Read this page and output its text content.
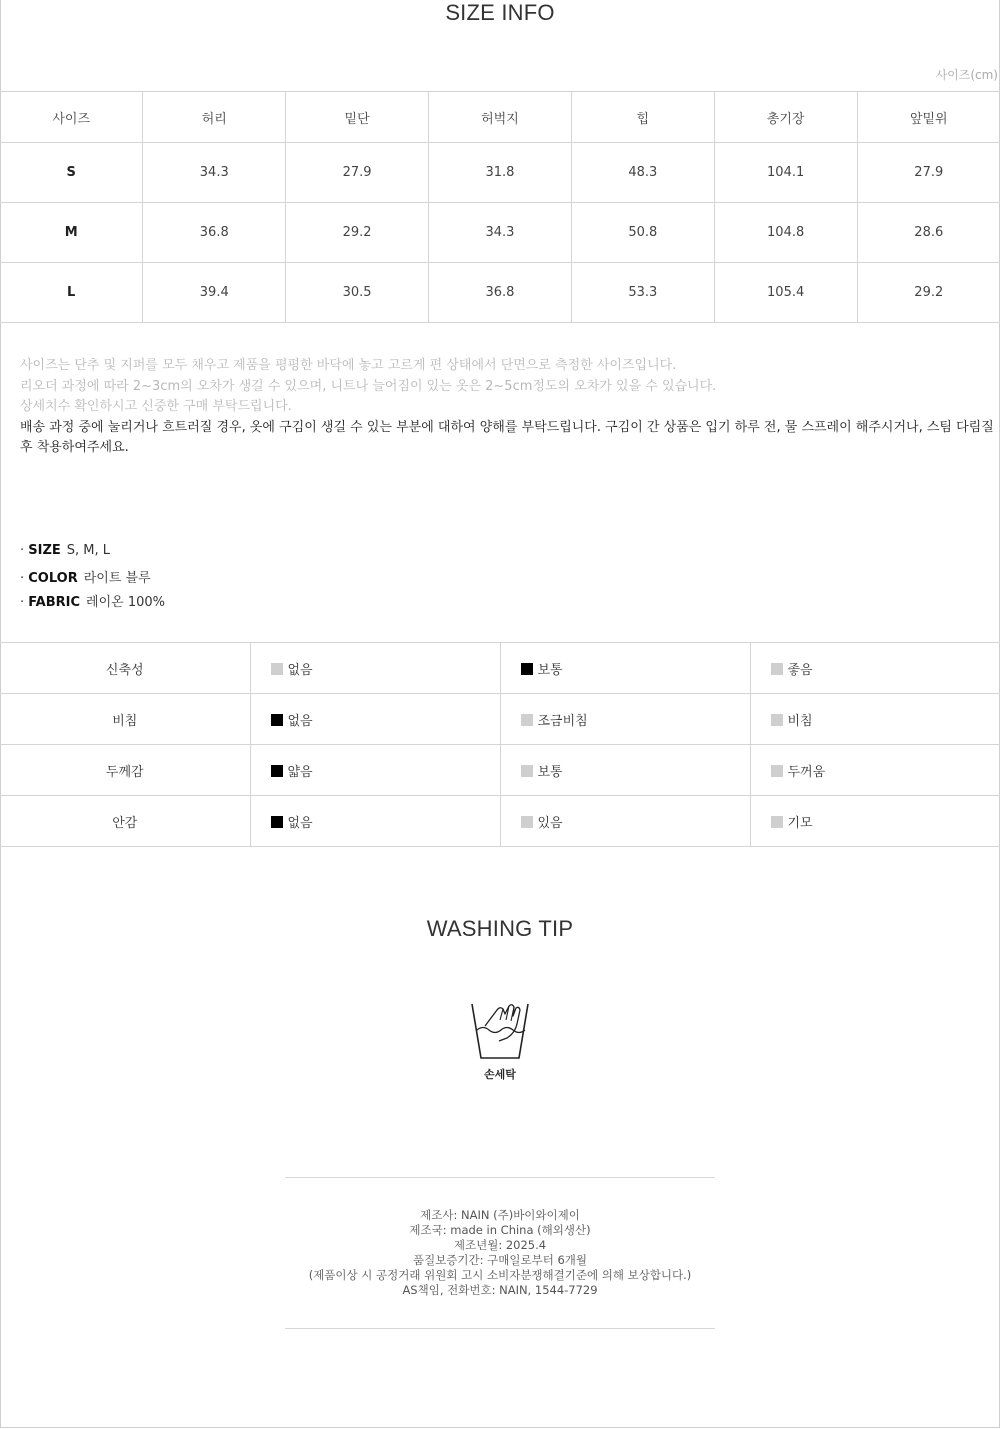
SIZE INFO
사이즈(cm)
사이즈	허리	밑단	허벅지	힙	총기장	앞밑위
S	34.3	27.9	31.8	48.3	104.1	27.9
M	36.8	29.2	34.3	50.8	104.8	28.6
L	39.4	30.5	36.8	53.3	105.4	29.2
사이즈는 단추 및 지퍼를 모두 채우고 제품을 평평한 바닥에 놓고 고르게 편 상태에서 단면으로 측정한 사이즈입니다.
리오더 과정에 따라 2~3cm의 오차가 생길 수 있으며, 니트나 늘어짐이 있는 옷은 2~5cm정도의 오차가 있을 수 있습니다.
상세치수 확인하시고 신중한 구매 부탁드립니다.
배송 과정 중에 눌리거나 흐트러질 경우, 옷에 구김이 생길 수 있는 부분에 대하여 양해를 부탁드립니다. 구김이 간 상품은 입기 하루 전, 물 스프레이 해주시거나, 스팀 다림질 후 착용하여주세요.
· SIZE S, M, L
· COLOR 라이트 블루
· FABRIC 레이온 100%
신축성	없음	보통	좋음
비침	없음	조금비침	비침
두께감	얇음	보통	두꺼움
안감	없음	있음	기모
WASHING TIP
손세탁
제조사: NAIN (주)바이와이제이
제조국: made in China (해외생산)
제조년월: 2025.4
품질보증기간: 구매일로부터 6개월
(제품이상 시 공정거래 위원회 고시 소비자분쟁해결기준에 의해 보상합니다.)
AS책임, 전화번호: NAIN, 1544-7729
